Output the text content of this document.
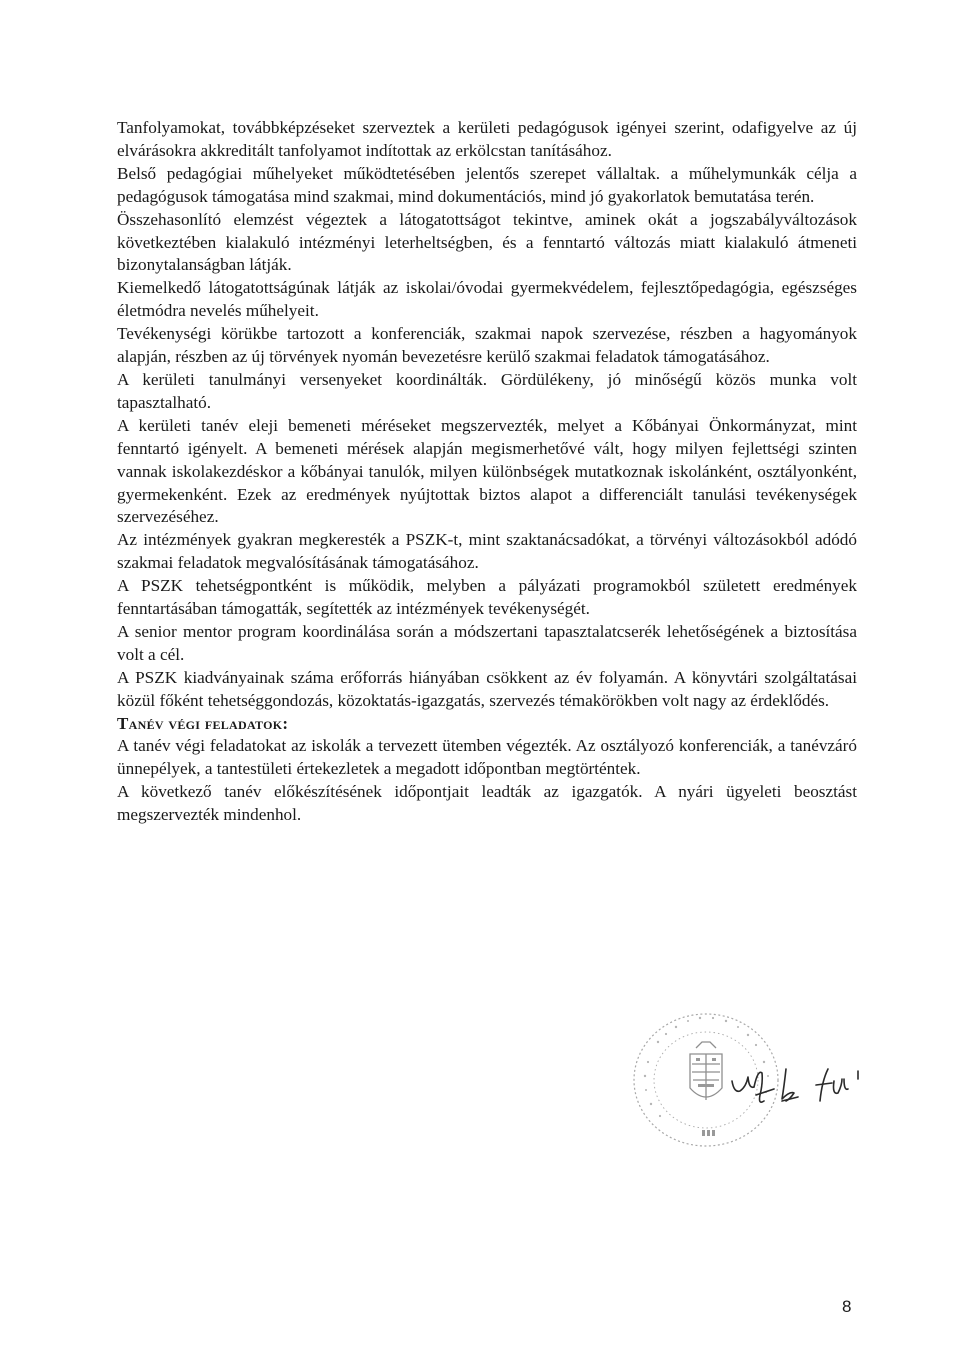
Tanfolyamokat, továbbképzéseket szerveztek a kerületi pedagógusok igényei szerint, odafigyelve az új elvárásokra akkreditált tanfolyamot indítottak az erkölcstan tanításához.

Belső pedagógiai műhelyeket működtetésében jelentős szerepet vállaltak. a műhelymunkák célja a pedagógusok támogatása mind szakmai, mind dokumentációs, mind jó gyakorlatok bemutatása terén.

Összehasonlító elemzést végeztek a látogatottságot tekintve, aminek okát a jogszabályváltozások következtében kialakuló intézményi leterheltségben, és a fenntartó változás miatt kialakuló átmeneti bizonytalanságban látják.

Kiemelkedő látogatottságúnak látják az iskolai/óvodai gyermekvédelem, fejlesztőpedagógia, egészséges életmódra nevelés műhelyeit.

Tevékenységi körükbe tartozott a konferenciák, szakmai napok szervezése, részben a hagyományok alapján, részben az új törvények nyomán bevezetésre kerülő szakmai feladatok támogatásához.

A kerületi tanulmányi versenyeket koordinálták. Gördülékeny, jó minőségű közös munka volt tapasztalható.

A kerületi tanév eleji bemeneti méréseket megszervezték, melyet a Kőbányai Önkormányzat, mint fenntartó igényelt. A bemeneti mérések alapján megismerhetővé vált, hogy milyen fejlettségi szinten vannak iskolakezdéskor a kőbányai tanulók, milyen különbségek mutatkoznak iskolánként, osztályonként, gyermekenként. Ezek az eredmények nyújtottak biztos alapot a differenciált tanulási tevékenységek szervezéséhez.

Az intézmények gyakran megkeresték a PSZK-t, mint szaktanácsadókat, a törvényi változásokból adódó szakmai feladatok megvalósításának támogatásához.

A PSZK tehetségpontként is működik, melyben a pályázati programokból született eredmények fenntartásában támogatták, segítették az intézmények tevékenységét.

A senior mentor program koordinálása során a módszertani tapasztalatcserék lehetőségének a biztosítása volt a cél.

A PSZK kiadványainak száma erőforrás hiányában csökkent az év folyamán. A könyvtári szolgáltatásai közül főként tehetséggondozás, közoktatás-igazgatás, szervezés témakörökben volt nagy az érdeklődés.

Tanév végi feladatok:

A tanév végi feladatokat az iskolák a tervezett ütemben végezték. Az osztályozó konferenciák, a tanévzáró ünnepélyek, a tantestületi értekezletek a megadott időpontban megtörténtek.

A következő tanév előkészítésének időpontjait leadták az igazgatók. A nyári ügyeleti beosztást megszervezték mindenhol.

8
